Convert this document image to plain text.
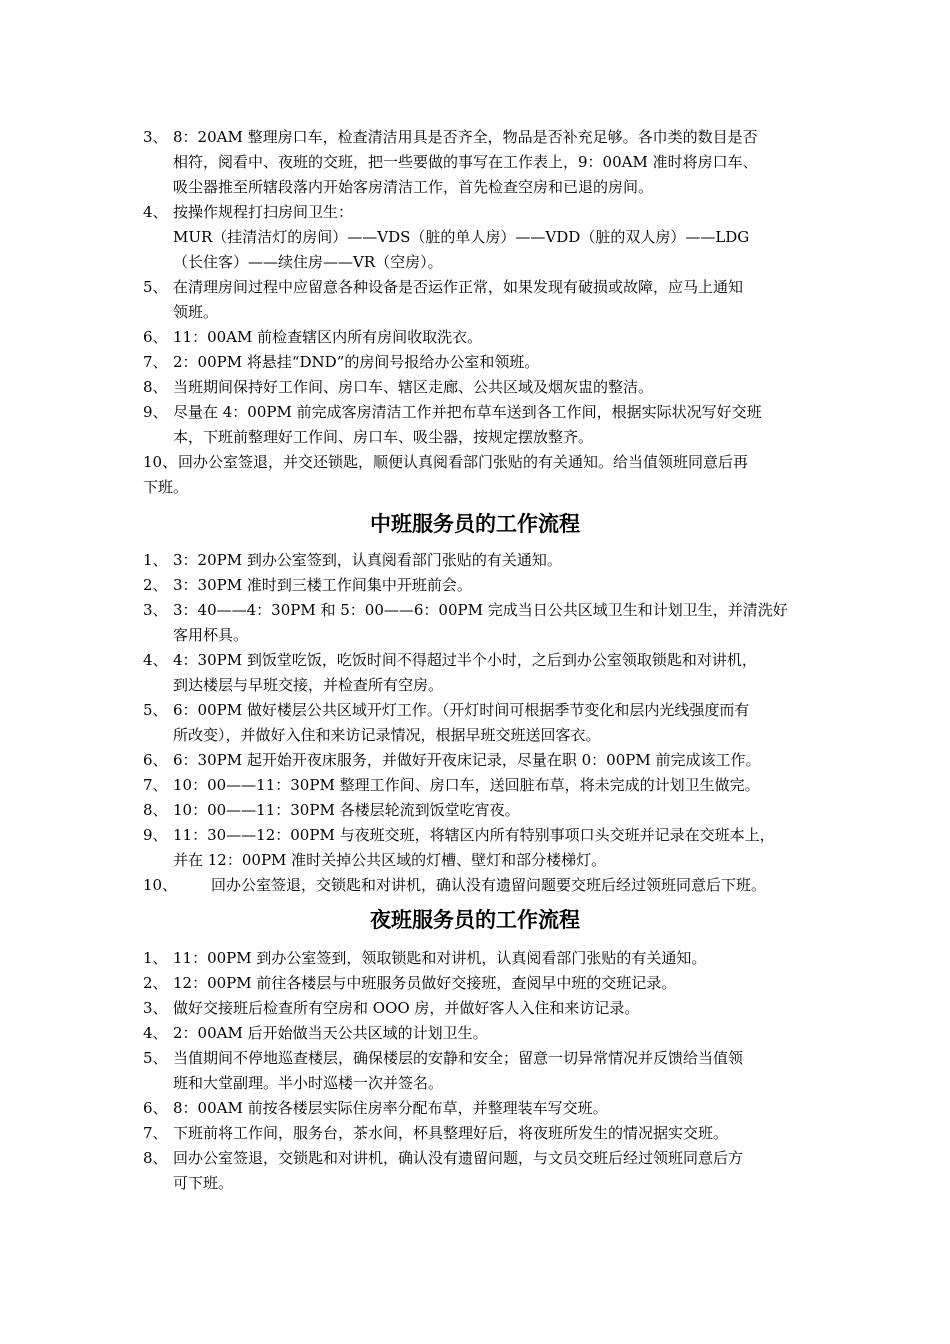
3、 8：20AM 整理房口车，检查清洁用具是否齐全，物品是否补充足够。各巾类的数目是否
相符，阅看中、夜班的交班，把一些要做的事写在工作表上，9：00AM 准时将房口车、
吸尘器推至所辖段落内开始客房清洁工作，首先检查空房和已退的房间。
4、 按操作规程打扫房间卫生：
MUR（挂清洁灯的房间）——VDS（脏的单人房）——VDD（脏的双人房）——LDG
（长住客）——续住房——VR（空房）。
5、 在清理房间过程中应留意各种设备是否运作正常，如果发现有破损或故障，应马上通知
领班。
6、 11：00AM 前检查辖区内所有房间收取洗衣。
7、 2：00PM 将悬挂“DND”的房间号报给办公室和领班。
8、 当班期间保持好工作间、房口车、辖区走廊、公共区域及烟灰盅的整洁。
9、 尽量在 4：00PM 前完成客房清洁工作并把布草车送到各工作间，根据实际状况写好交班
本，下班前整理好工作间、房口车、吸尘器，按规定摆放整齐。
10、 回办公室签退，并交还锁匙，顺便认真阅看部门张贴的有关通知。给当值领班同意后再
下班。
中班服务员的工作流程
1、 3：20PM 到办公室签到，认真阅看部门张贴的有关通知。
2、 3：30PM 准时到三楼工作间集中开班前会。
3、 3：40——4：30PM 和 5：00——6：00PM 完成当日公共区域卫生和计划卫生，并清洗好
客用杯具。
4、 4：30PM 到饭堂吃饭，吃饭时间不得超过半个小时，之后到办公室领取锁匙和对讲机，
到达楼层与早班交接，并检查所有空房。
5、 6：00PM 做好楼层公共区域开灯工作。（开灯时间可根据季节变化和层内光线强度而有
所改变），并做好入住和来访记录情况，根据早班交班送回客衣。
6、 6：30PM 起开始开夜床服务，并做好开夜床记录，尽量在职 0：00PM 前完成该工作。
7、 10：00——11：30PM 整理工作间、房口车，送回脏布草，将未完成的计划卫生做完。
8、 10：00——11：30PM 各楼层轮流到饭堂吃宵夜。
9、 11：30——12：00PM 与夜班交班，将辖区内所有特别事项口头交班并记录在交班本上，
并在 12：00PM 准时关掉公共区域的灯槽、壁灯和部分楼梯灯。
10、 回办公室签退，交锁匙和对讲机，确认没有遗留问题要交班后经过领班同意后下班。
夜班服务员的工作流程
1、 11：00PM 到办公室签到，领取锁匙和对讲机，认真阅看部门张贴的有关通知。
2、 12：00PM 前往各楼层与中班服务员做好交接班，查阅早中班的交班记录。
3、 做好交接班后检查所有空房和 OOO 房，并做好客人入住和来访记录。
4、 2：00AM 后开始做当天公共区域的计划卫生。
5、 当值期间不停地巡查楼层，确保楼层的安静和安全；留意一切异常情况并反馈给当值领
班和大堂副理。半小时巡楼一次并签名。
6、 8：00AM 前按各楼层实际住房率分配布草，并整理装车写交班。
7、 下班前将工作间，服务台，茶水间，杯具整理好后，将夜班所发生的情况据实交班。
8、 回办公室签退，交锁匙和对讲机，确认没有遗留问题，与文员交班后经过领班同意后方
可下班。
